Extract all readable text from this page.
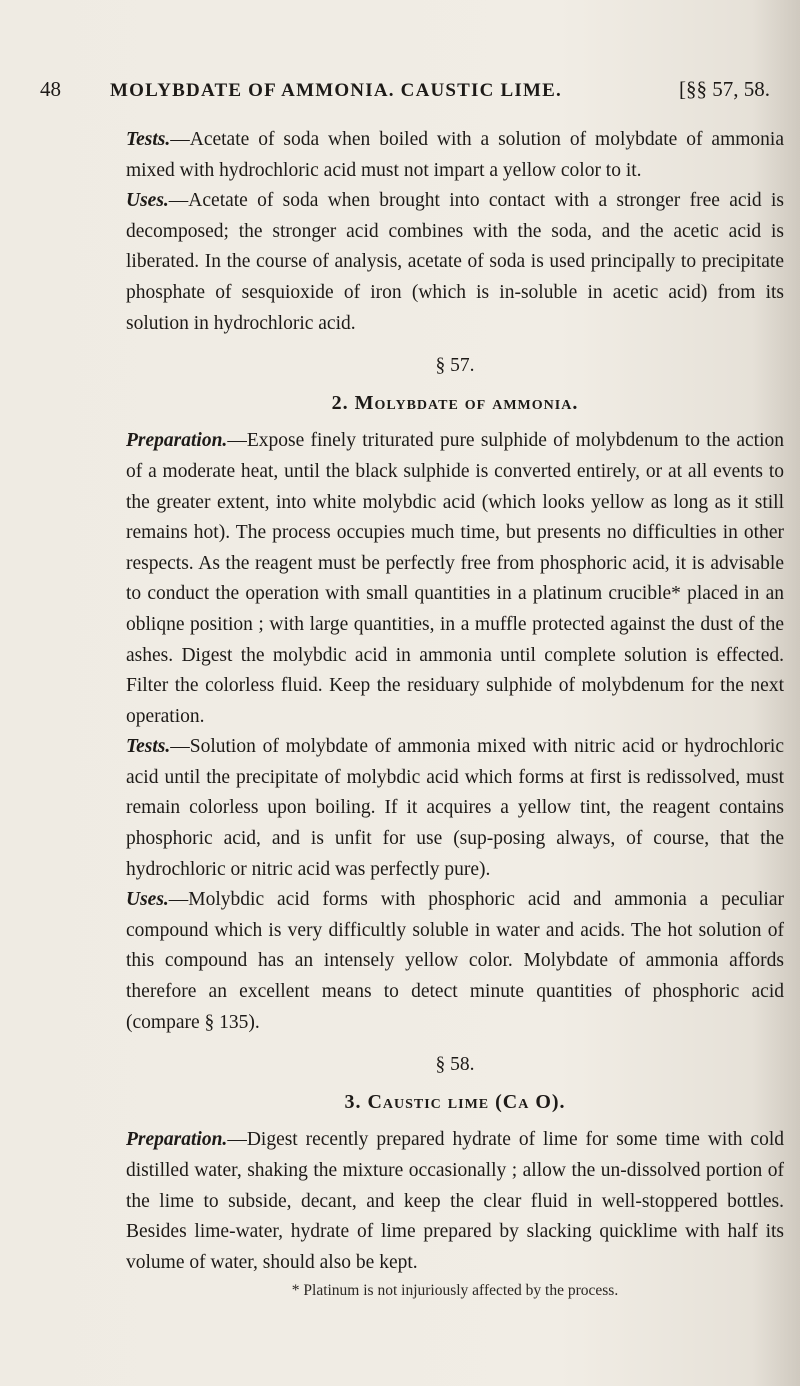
48	MOLYBDATE OF AMMONIA. CAUSTIC LIME.	[§§ 57, 58.

Tests.—Acetate of soda when boiled with a solution of molybdate of ammonia mixed with hydrochloric acid must not impart a yellow color to it.

Uses.—Acetate of soda when brought into contact with a stronger free acid is decomposed; the stronger acid combines with the soda, and the acetic acid is liberated. In the course of analysis, acetate of soda is used principally to precipitate phosphate of sesquioxide of iron (which is in-soluble in acetic acid) from its solution in hydrochloric acid.

§ 57.
2. Molybdate of ammonia.

Preparation.—Expose finely triturated pure sulphide of molybdenum to the action of a moderate heat, until the black sulphide is converted entirely, or at all events to the greater extent, into white molybdic acid (which looks yellow as long as it still remains hot). The process occupies much time, but presents no difficulties in other respects. As the reagent must be perfectly free from phosphoric acid, it is advisable to conduct the operation with small quantities in a platinum crucible* placed in an obliqne position ; with large quantities, in a muffle protected against the dust of the ashes. Digest the molybdic acid in ammonia until complete solution is effected. Filter the colorless fluid. Keep the residuary sulphide of molybdenum for the next operation.

Tests.—Solution of molybdate of ammonia mixed with nitric acid or hydrochloric acid until the precipitate of molybdic acid which forms at first is redissolved, must remain colorless upon boiling. If it acquires a yellow tint, the reagent contains phosphoric acid, and is unfit for use (sup-posing always, of course, that the hydrochloric or nitric acid was perfectly pure).

Uses.—Molybdic acid forms with phosphoric acid and ammonia a peculiar compound which is very difficultly soluble in water and acids. The hot solution of this compound has an intensely yellow color. Molybdate of ammonia affords therefore an excellent means to detect minute quantities of phosphoric acid (compare § 135).

§ 58.
3. Caustic lime (Ca O).

Preparation.—Digest recently prepared hydrate of lime for some time with cold distilled water, shaking the mixture occasionally ; allow the un-dissolved portion of the lime to subside, decant, and keep the clear fluid in well-stoppered bottles. Besides lime-water, hydrate of lime prepared by slacking quicklime with half its volume of water, should also be kept.

* Platinum is not injuriously affected by the process.
